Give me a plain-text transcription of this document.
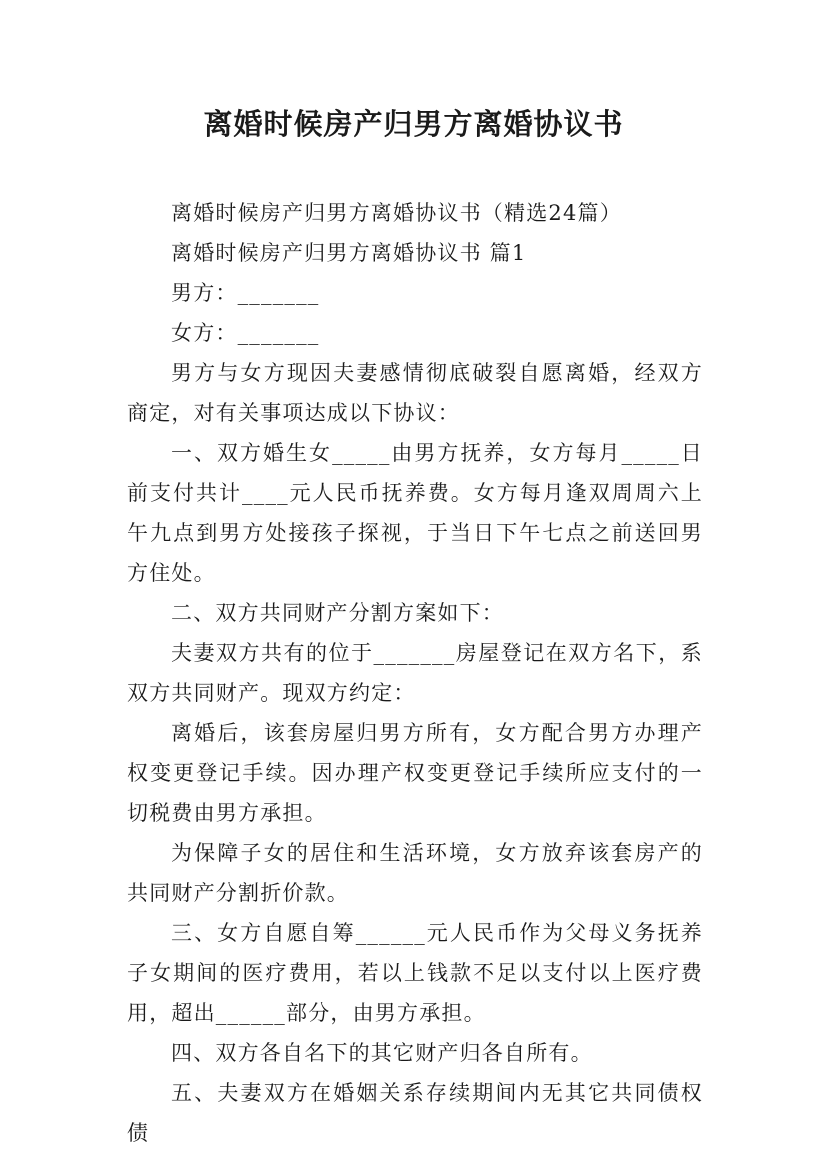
离婚时候房产归男方离婚协议书

离婚时候房产归男方离婚协议书（精选24篇）

离婚时候房产归男方离婚协议书 篇1

男方：_______

女方：_______

男方与女方现因夫妻感情彻底破裂自愿离婚，经双方商定，对有关事项达成以下协议：

一、双方婚生女_____由男方抚养，女方每月_____日前支付共计____元人民币抚养费。女方每月逢双周周六上午九点到男方处接孩子探视，于当日下午七点之前送回男方住处。

二、双方共同财产分割方案如下：

夫妻双方共有的位于_______房屋登记在双方名下，系双方共同财产。现双方约定：

离婚后，该套房屋归男方所有，女方配合男方办理产权变更登记手续。因办理产权变更登记手续所应支付的一切税费由男方承担。

为保障子女的居住和生活环境，女方放弃该套房产的共同财产分割折价款。

三、女方自愿自筹______元人民币作为父母义务抚养子女期间的医疗费用，若以上钱款不足以支付以上医疗费用，超出______部分，由男方承担。

四、双方各自名下的其它财产归各自所有。

五、夫妻双方在婚姻关系存续期间内无其它共同债权债
